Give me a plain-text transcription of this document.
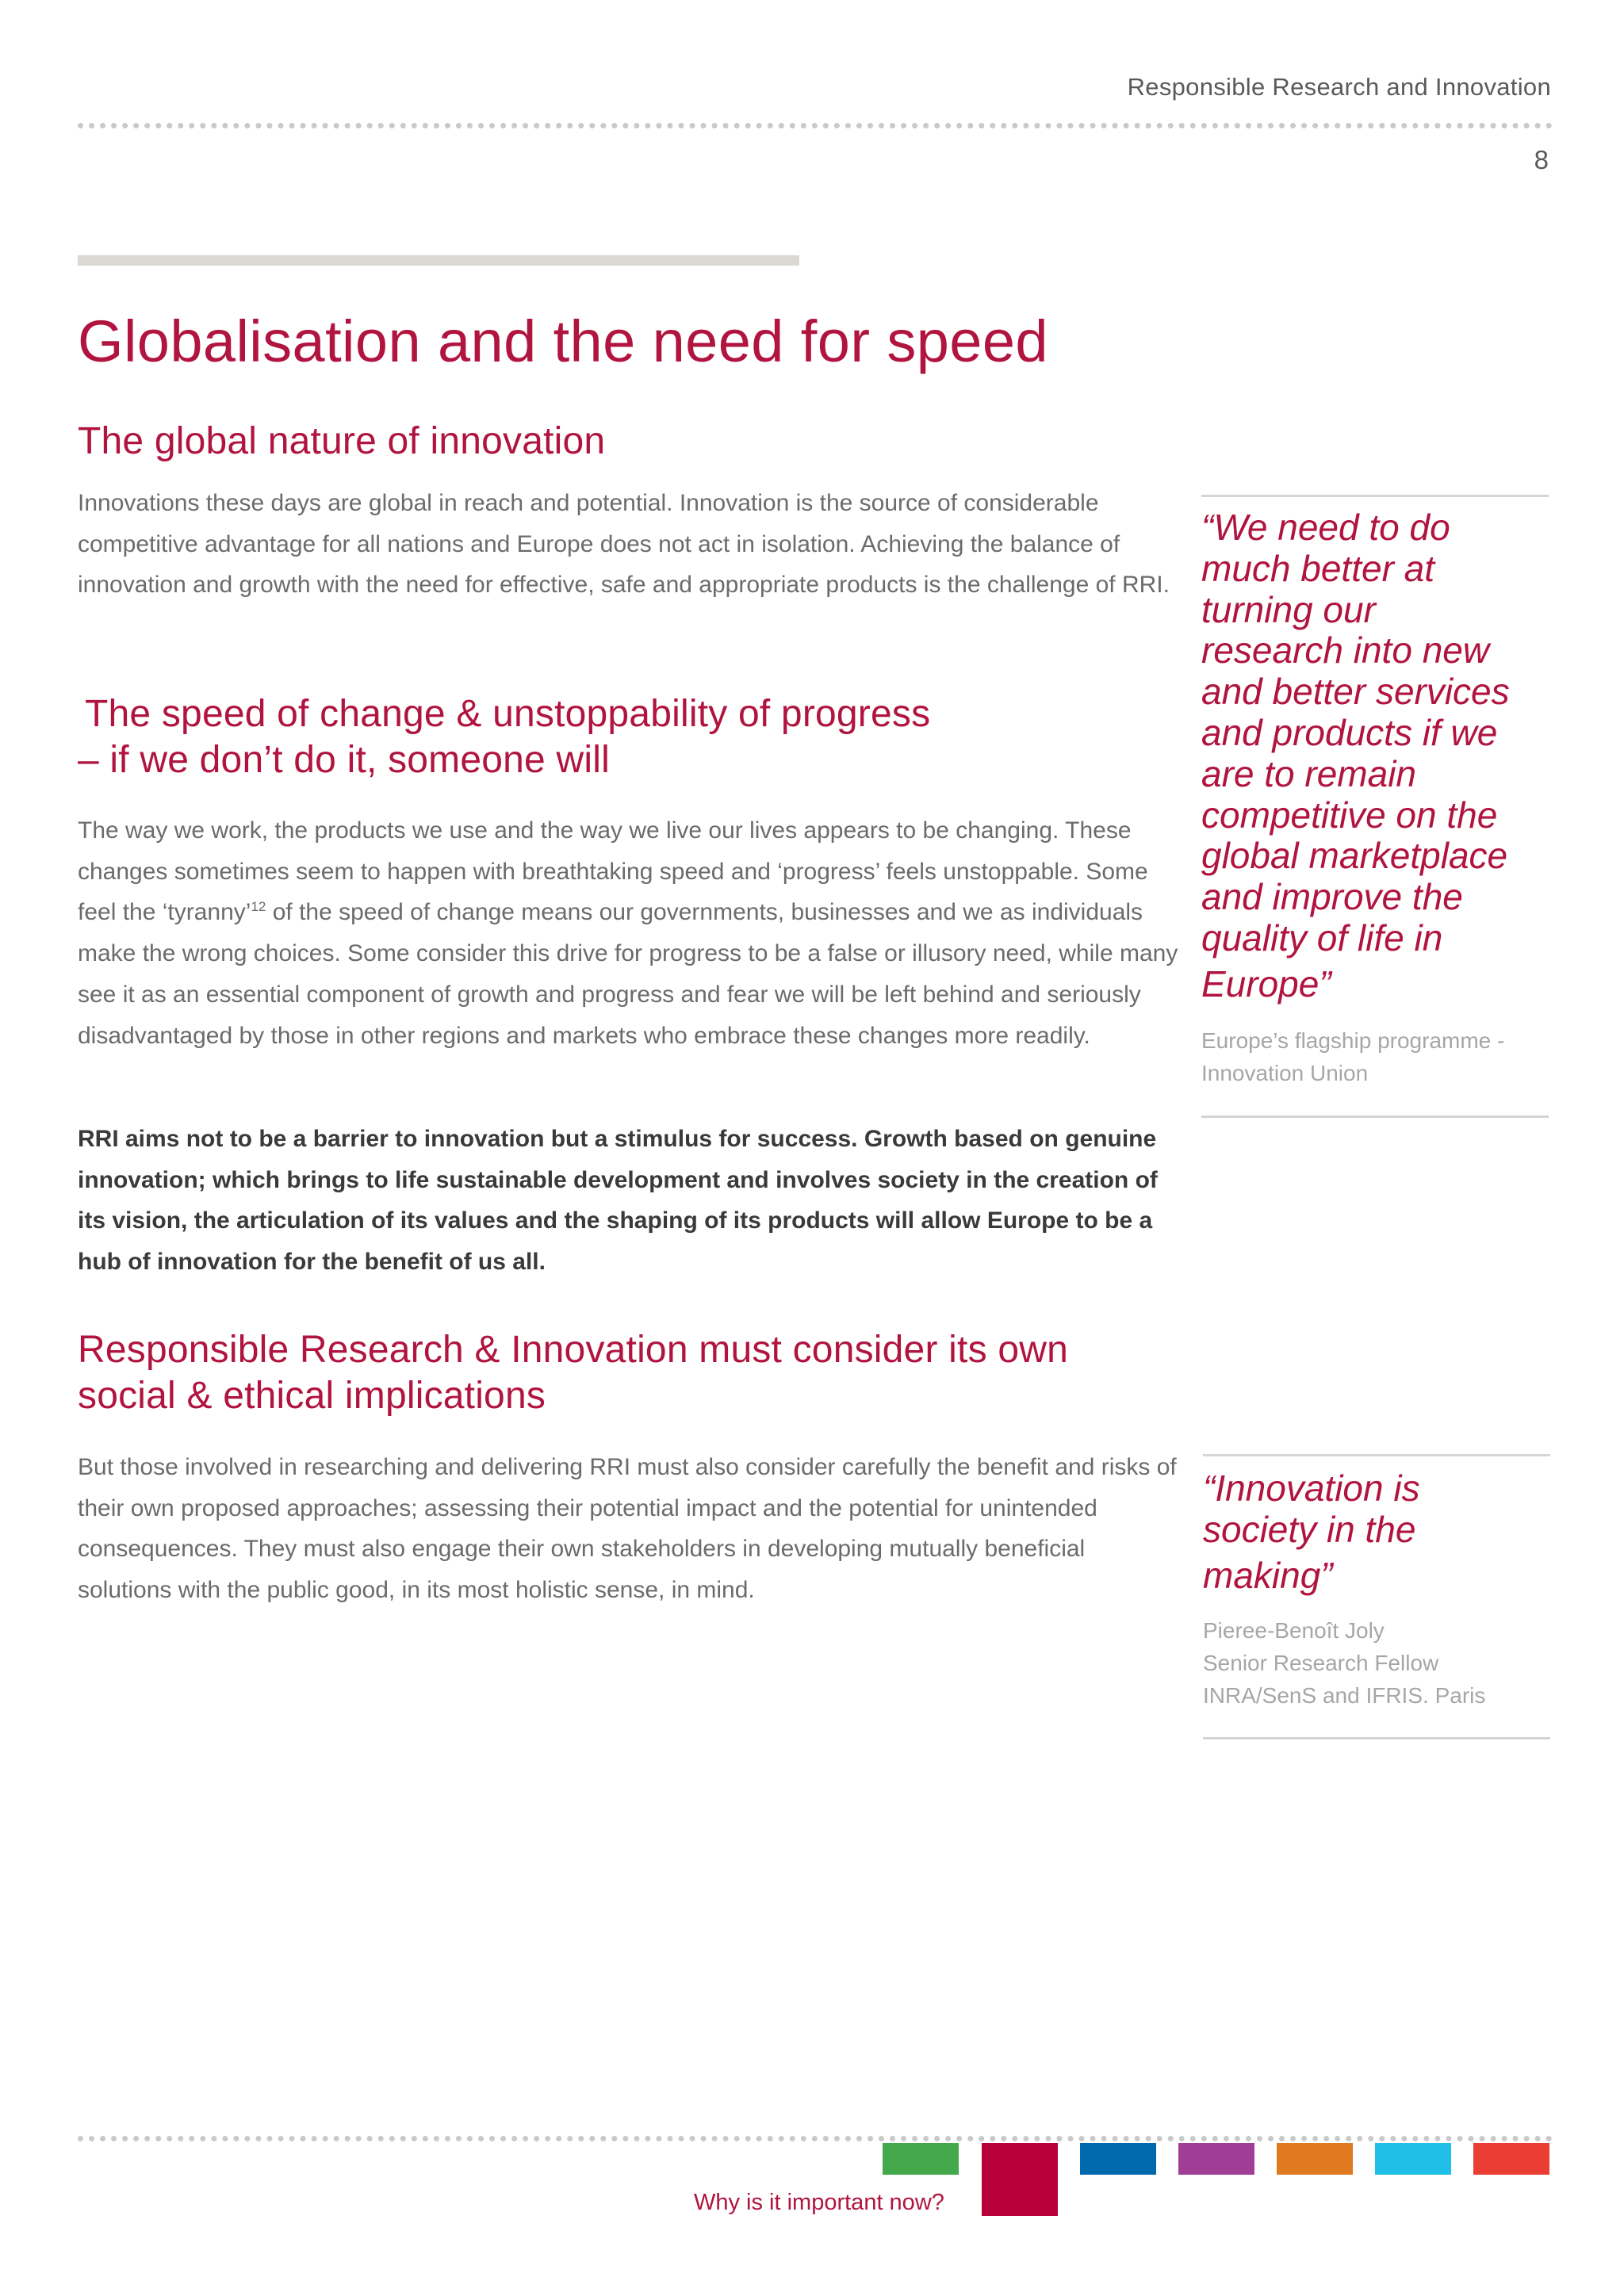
Responsible Research and Innovation
8
Globalisation and the need for speed
The global nature of innovation

Innovations these days are global in reach and potential. Innovation is the source of considerable competitive advantage for all nations and Europe does not act in isolation. Achieving the balance of innovation and growth with the need for effective, safe and appropriate products is the challenge of RRI.

The speed of change & unstoppability of progress

– if we don’t do it, someone will

The way we work, the products we use and the way we live our lives appears to be changing. These changes sometimes seem to happen with breathtaking speed and ‘progress’ feels unstoppable. Some feel the ‘tyranny’$^{12}$ of the speed of change means our governments, businesses and we as individuals make the wrong choices. Some consider this drive for progress to be a false or illusory need, while many see it as an essential component of growth and progress and fear we will be left behind and seriously disadvantaged by those in other regions and markets who embrace these changes more readily.

RRI aims not to be a barrier to innovation but a stimulus for success. Growth based on genuine innovation; which brings to life sustainable development and involves society in the creation of its vision, the articulation of its values and the shaping of its products will allow Europe to be a hub of innovation for the benefit of us all.

Responsible Research & Innovation must consider its own
social & ethical implications

But those involved in researching and delivering RRI must also consider carefully the benefit and risks of their own proposed approaches; assessing their potential impact and the potential for unintended consequences. They must also engage their own stakeholders in developing mutually beneficial solutions with the public good, in its most holistic sense, in mind.

“We need to do
much better at
turning our
research into new
and better services
and products if we
are to remain
competitive on the
global marketplace
and improve the
quality of life in
Europe”
Europe’s flagship programme -
Innovation Union
“Innovation is
society in the
making”
Pieree-Benoît Joly
Senior Research Fellow
INRA/SenS and IFRIS. Paris
Why is it important now?
